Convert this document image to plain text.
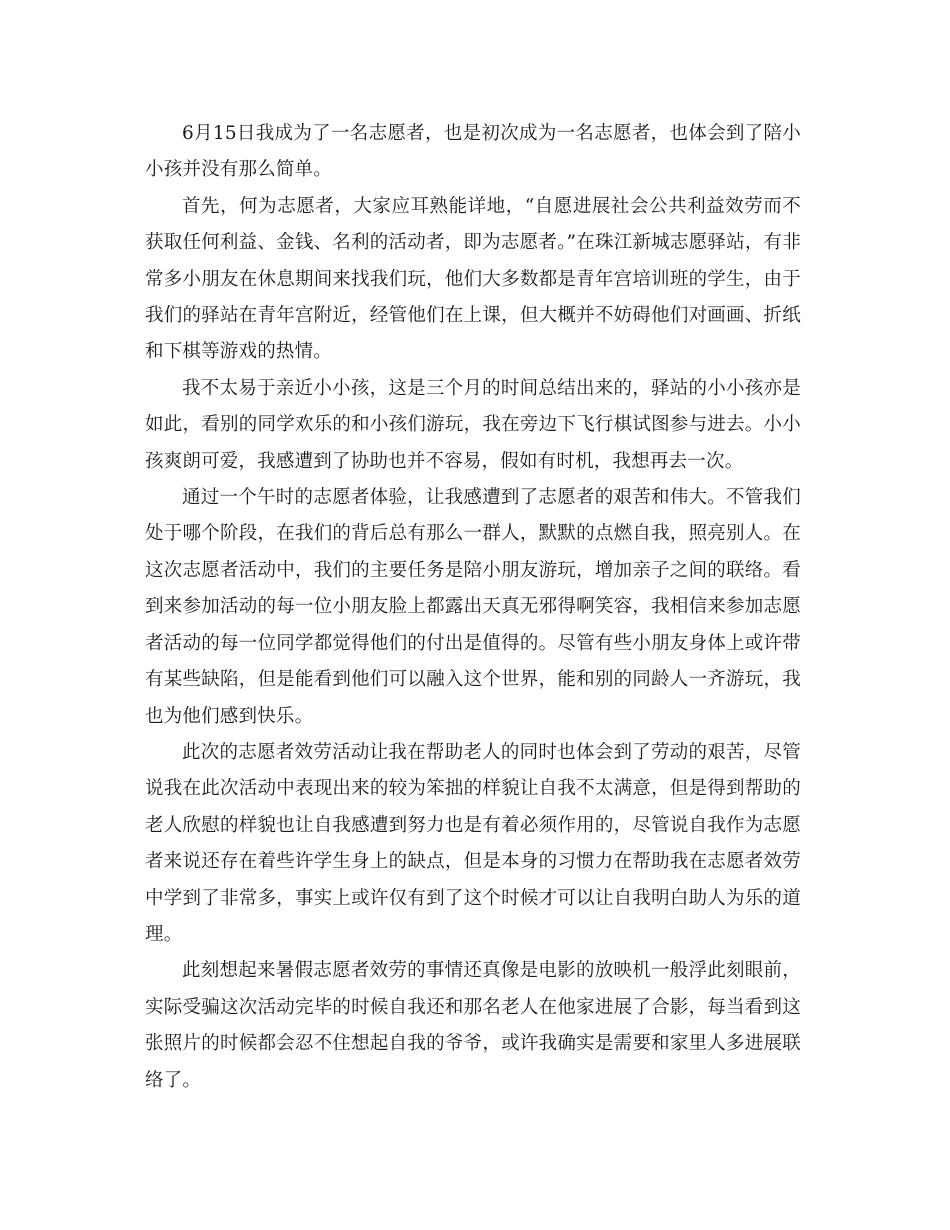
6月15日我成为了一名志愿者，也是初次成为一名志愿者，也体会到了陪小小孩并没有那么简单。

首先，何为志愿者，大家应耳熟能详地，“自愿进展社会公共利益效劳而不获取任何利益、金钱、名利的活动者，即为志愿者。”在珠江新城志愿驿站，有非常多小朋友在休息期间来找我们玩，他们大多数都是青年宫培训班的学生，由于我们的驿站在青年宫附近，经管他们在上课，但大概并不妨碍他们对画画、折纸和下棋等游戏的热情。

我不太易于亲近小小孩，这是三个月的时间总结出来的，驿站的小小孩亦是如此，看别的同学欢乐的和小孩们游玩，我在旁边下飞行棋试图参与进去。小小孩爽朗可爱，我感遭到了协助也并不容易，假如有时机，我想再去一次。

通过一个午时的志愿者体验，让我感遭到了志愿者的艰苦和伟大。不管我们处于哪个阶段，在我们的背后总有那么一群人，默默的点燃自我，照亮别人。在这次志愿者活动中，我们的主要任务是陪小朋友游玩，增加亲子之间的联络。看到来参加活动的每一位小朋友脸上都露出天真无邪得啊笑容，我相信来参加志愿者活动的每一位同学都觉得他们的付出是值得的。尽管有些小朋友身体上或许带有某些缺陷，但是能看到他们可以融入这个世界，能和别的同龄人一齐游玩，我也为他们感到快乐。

此次的志愿者效劳活动让我在帮助老人的同时也体会到了劳动的艰苦，尽管说我在此次活动中表现出来的较为笨拙的样貌让自我不太满意，但是得到帮助的老人欣慰的样貌也让自我感遭到努力也是有着必须作用的，尽管说自我作为志愿者来说还存在着些许学生身上的缺点，但是本身的习惯力在帮助我在志愿者效劳中学到了非常多，事实上或许仅有到了这个时候才可以让自我明白助人为乐的道理。

此刻想起来暑假志愿者效劳的事情还真像是电影的放映机一般浮此刻眼前，实际受骗这次活动完毕的时候自我还和那名老人在他家进展了合影，每当看到这张照片的时候都会忍不住想起自我的爷爷，或许我确实是需要和家里人多进展联络了。
